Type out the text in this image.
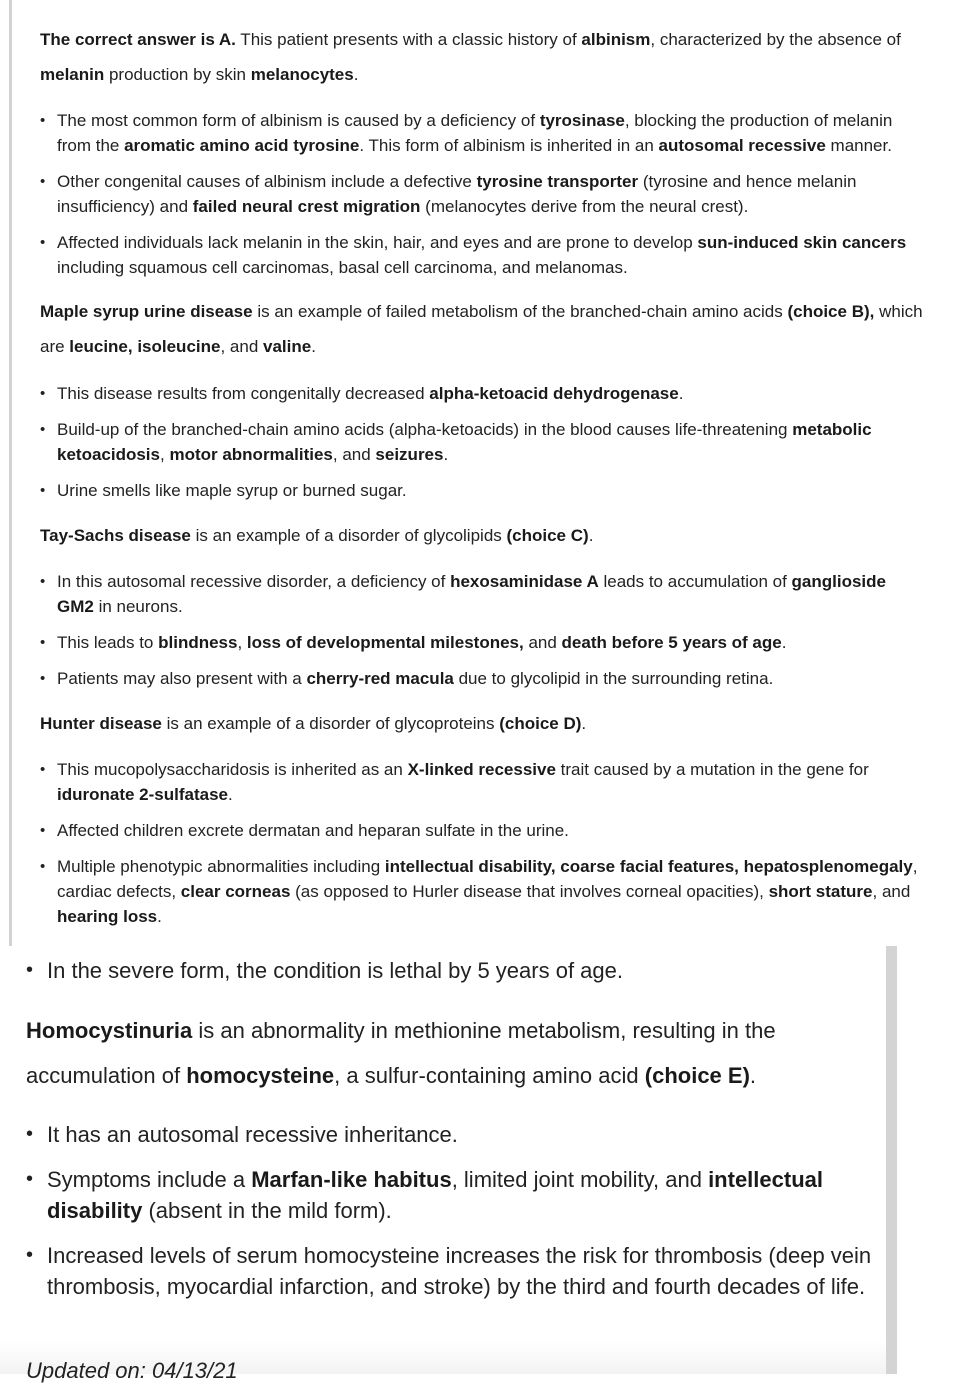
The correct answer is A. This patient presents with a classic history of albinism, characterized by the absence of melanin production by skin melanocytes.

• The most common form of albinism is caused by a deficiency of tyrosinase, blocking the production of melanin from the aromatic amino acid tyrosine. This form of albinism is inherited in an autosomal recessive manner.
• Other congenital causes of albinism include a defective tyrosine transporter (tyrosine and hence melanin insufficiency) and failed neural crest migration (melanocytes derive from the neural crest).
• Affected individuals lack melanin in the skin, hair, and eyes and are prone to develop sun-induced skin cancers including squamous cell carcinomas, basal cell carcinoma, and melanomas.

Maple syrup urine disease is an example of failed metabolism of the branched-chain amino acids (choice B), which are leucine, isoleucine, and valine.

• This disease results from congenitally decreased alpha-ketoacid dehydrogenase.
• Build-up of the branched-chain amino acids (alpha-ketoacids) in the blood causes life-threatening metabolic ketoacidosis, motor abnormalities, and seizures.
• Urine smells like maple syrup or burned sugar.

Tay-Sachs disease is an example of a disorder of glycolipids (choice C).

• In this autosomal recessive disorder, a deficiency of hexosaminidase A leads to accumulation of ganglioside GM2 in neurons.
• This leads to blindness, loss of developmental milestones, and death before 5 years of age.
• Patients may also present with a cherry-red macula due to glycolipid in the surrounding retina.

Hunter disease is an example of a disorder of glycoproteins (choice D).

• This mucopolysaccharidosis is inherited as an X-linked recessive trait caused by a mutation in the gene for iduronate 2-sulfatase.
• Affected children excrete dermatan and heparan sulfate in the urine.
• Multiple phenotypic abnormalities including intellectual disability, coarse facial features, hepatosplenomegaly, cardiac defects, clear corneas (as opposed to Hurler disease that involves corneal opacities), short stature, and hearing loss.
•
• In the severe form, the condition is lethal by 5 years of age.

Homocystinuria is an abnormality in methionine metabolism, resulting in the accumulation of homocysteine, a sulfur-containing amino acid (choice E).

• It has an autosomal recessive inheritance.
• Symptoms include a Marfan-like habitus, limited joint mobility, and intellectual disability (absent in the mild form).
• Increased levels of serum homocysteine increases the risk for thrombosis (deep vein thrombosis, myocardial infarction, and stroke) by the third and fourth decades of life.
Updated on: 04/13/21
